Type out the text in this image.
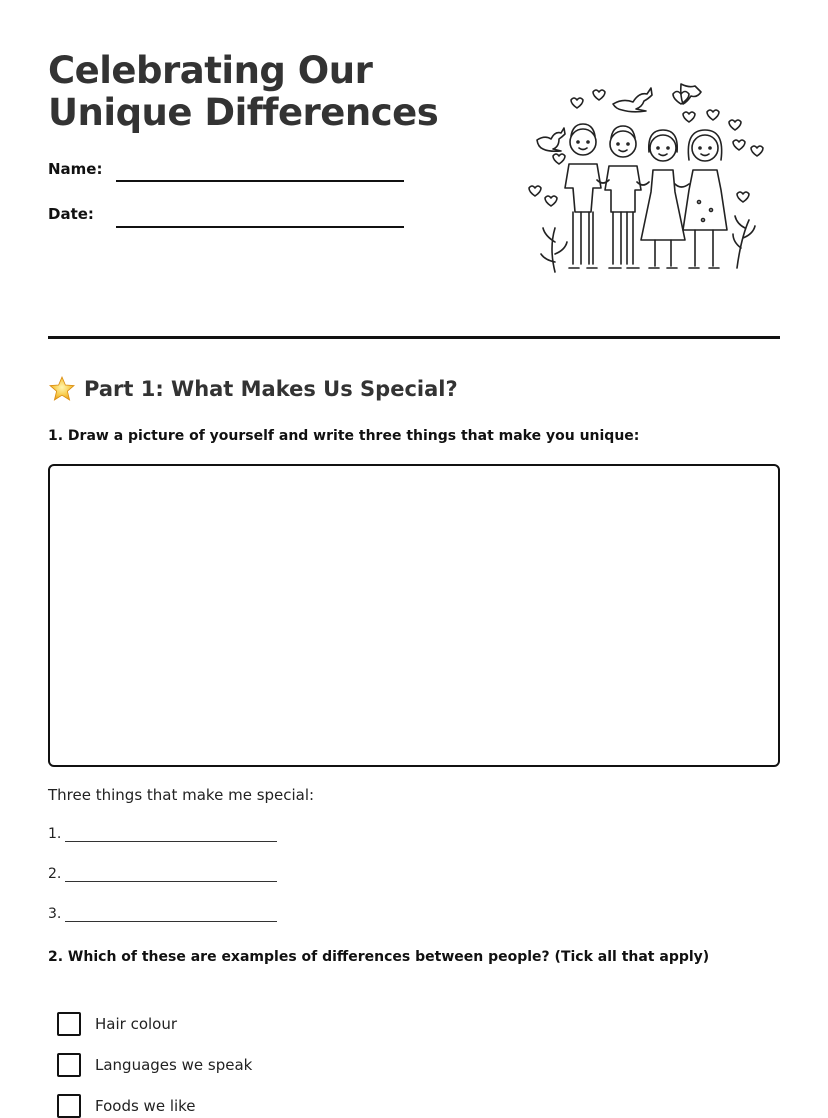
Celebrating Our Unique Differences
Name:
Date:
Part 1: What Makes Us Special?
1. Draw a picture of yourself and write three things that make you unique:
Three things that make me special:
1.
2.
3.
2. Which of these are examples of differences between people? (Tick all that apply)
Hair colour
Languages we speak
Foods we like
